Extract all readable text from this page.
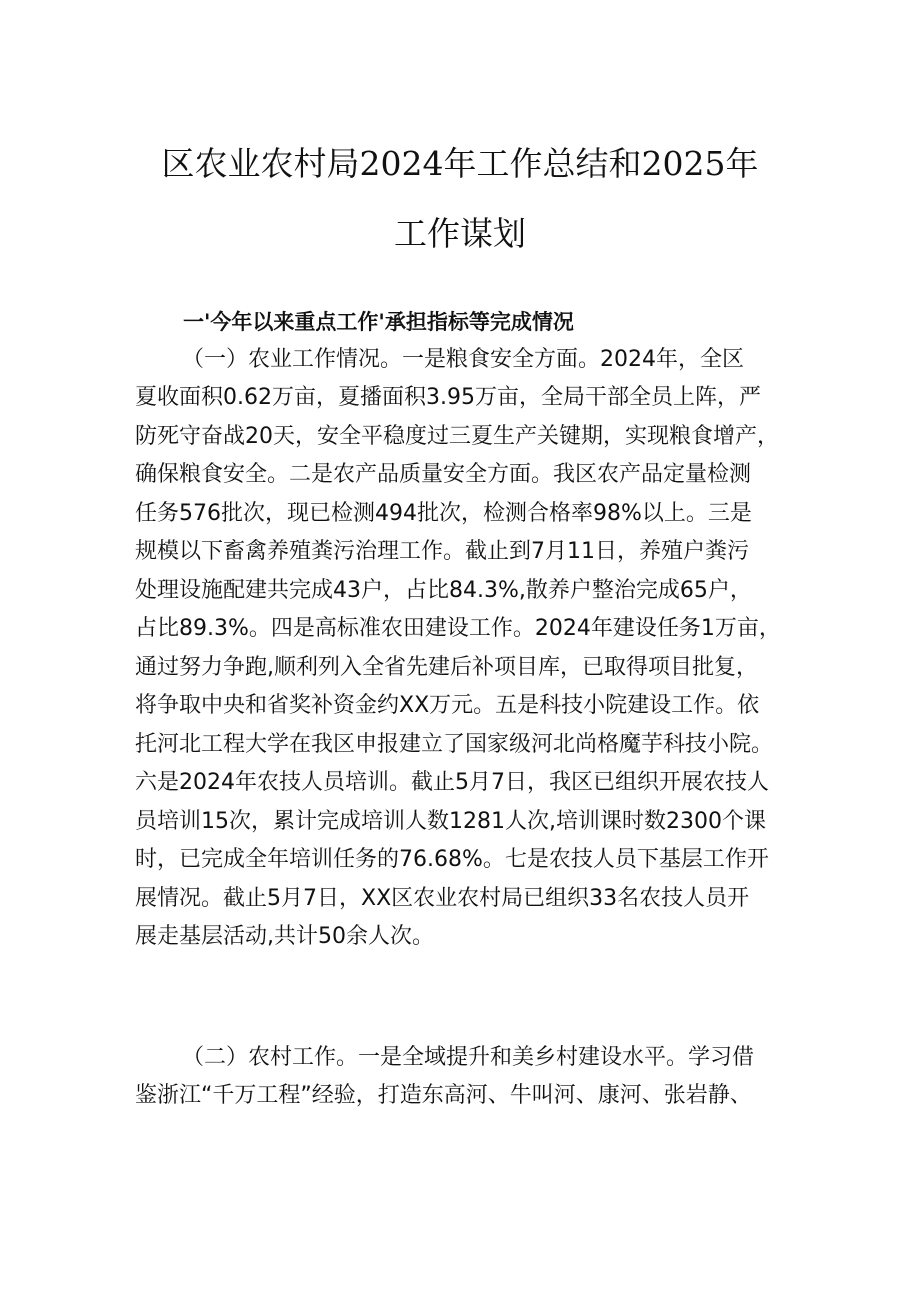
区农业农村局2024年工作总结和2025年
工作谋划
一'今年以来重点工作'承担指标等完成情况
（一）农业工作情况。一是粮食安全方面。2024年，全区
夏收面积0.62万亩，夏播面积3.95万亩，全局干部全员上阵，严
防死守奋战20天，安全平稳度过三夏生产关键期，实现粮食增产，
确保粮食安全。二是农产品质量安全方面。我区农产品定量检测
任务576批次，现已检测494批次，检测合格率98%以上。三是
规模以下畜禽养殖粪污治理工作。截止到7月11日，养殖户粪污
处理设施配建共完成43户，占比84.3%,散养户整治完成65户，
占比89.3%。四是高标准农田建设工作。2024年建设任务1万亩，
通过努力争跑,顺利列入全省先建后补项目库，已取得项目批复，
将争取中央和省奖补资金约XX万元。五是科技小院建设工作。依
托河北工程大学在我区申报建立了国家级河北尚格魔芋科技小院。
六是2024年农技人员培训。截止5月7日，我区已组织开展农技人
员培训15次，累计完成培训人数1281人次,培训课时数2300个课
时，已完成全年培训任务的76.68%。七是农技人员下基层工作开
展情况。截止5月7日，XX区农业农村局已组织33名农技人员开
展走基层活动,共计50余人次。
（二）农村工作。一是全域提升和美乡村建设水平。学习借
鉴浙江“千万工程”经验，打造东高河、牛叫河、康河、张岩静、
